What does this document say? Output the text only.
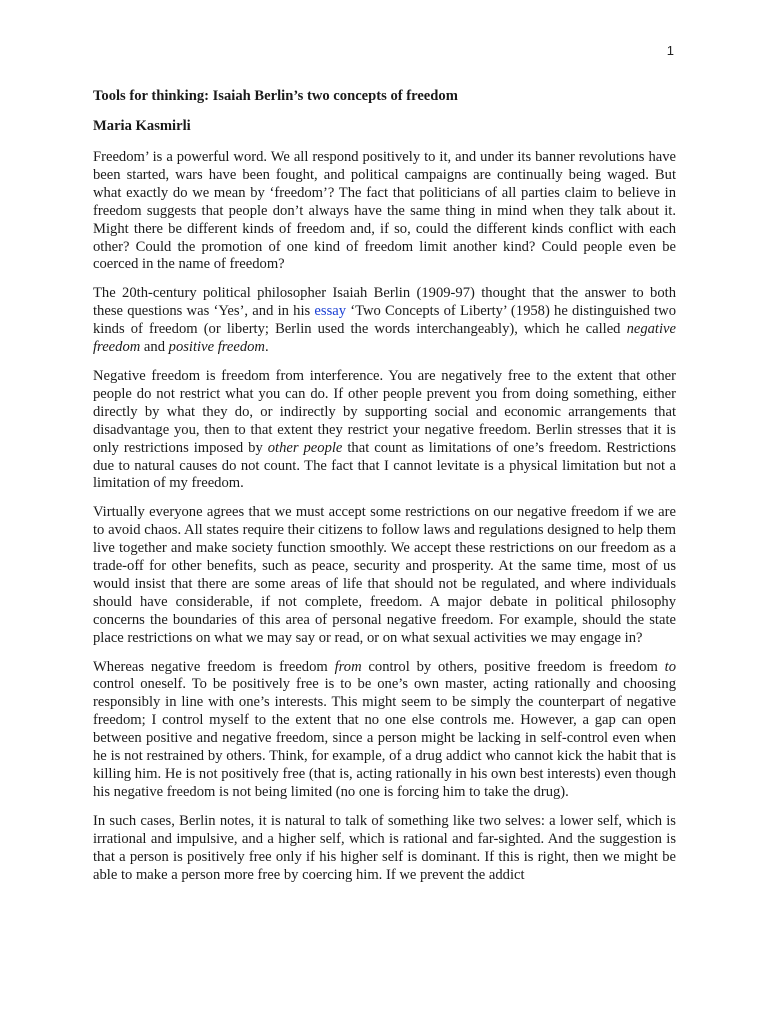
1
Tools for thinking: Isaiah Berlin’s two concepts of freedom
Maria Kasmirli

Freedom’ is a powerful word. We all respond positively to it, and under its banner revolutions have been started, wars have been fought, and political campaigns are continually being waged. But what exactly do we mean by ‘freedom’? The fact that politicians of all parties claim to believe in freedom suggests that people don’t always have the same thing in mind when they talk about it. Might there be different kinds of freedom and, if so, could the different kinds conflict with each other? Could the promotion of one kind of freedom limit another kind? Could people even be coerced in the name of freedom?

The 20th-century political philosopher Isaiah Berlin (1909-97) thought that the answer to both these questions was ‘Yes’, and in his essay ‘Two Concepts of Liberty’ (1958) he distinguished two kinds of freedom (or liberty; Berlin used the words interchangeably), which he called negative freedom and positive freedom.

Negative freedom is freedom from interference. You are negatively free to the extent that other people do not restrict what you can do. If other people prevent you from doing something, either directly by what they do, or indirectly by supporting social and economic arrangements that disadvantage you, then to that extent they restrict your negative freedom. Berlin stresses that it is only restrictions imposed by other people that count as limitations of one’s freedom. Restrictions due to natural causes do not count. The fact that I cannot levitate is a physical limitation but not a limitation of my freedom.

Virtually everyone agrees that we must accept some restrictions on our negative freedom if we are to avoid chaos. All states require their citizens to follow laws and regulations designed to help them live together and make society function smoothly. We accept these restrictions on our freedom as a trade-off for other benefits, such as peace, security and prosperity. At the same time, most of us would insist that there are some areas of life that should not be regulated, and where individuals should have considerable, if not complete, freedom. A major debate in political philosophy concerns the boundaries of this area of personal negative freedom. For example, should the state place restrictions on what we may say or read, or on what sexual activities we may engage in?

Whereas negative freedom is freedom from control by others, positive freedom is freedom to control oneself. To be positively free is to be one’s own master, acting rationally and choosing responsibly in line with one’s interests. This might seem to be simply the counterpart of negative freedom; I control myself to the extent that no one else controls me. However, a gap can open between positive and negative freedom, since a person might be lacking in self-control even when he is not restrained by others. Think, for example, of a drug addict who cannot kick the habit that is killing him. He is not positively free (that is, acting rationally in his own best interests) even though his negative freedom is not being limited (no one is forcing him to take the drug).

In such cases, Berlin notes, it is natural to talk of something like two selves: a lower self, which is irrational and impulsive, and a higher self, which is rational and far-sighted. And the suggestion is that a person is positively free only if his higher self is dominant. If this is right, then we might be able to make a person more free by coercing him. If we prevent the addict
